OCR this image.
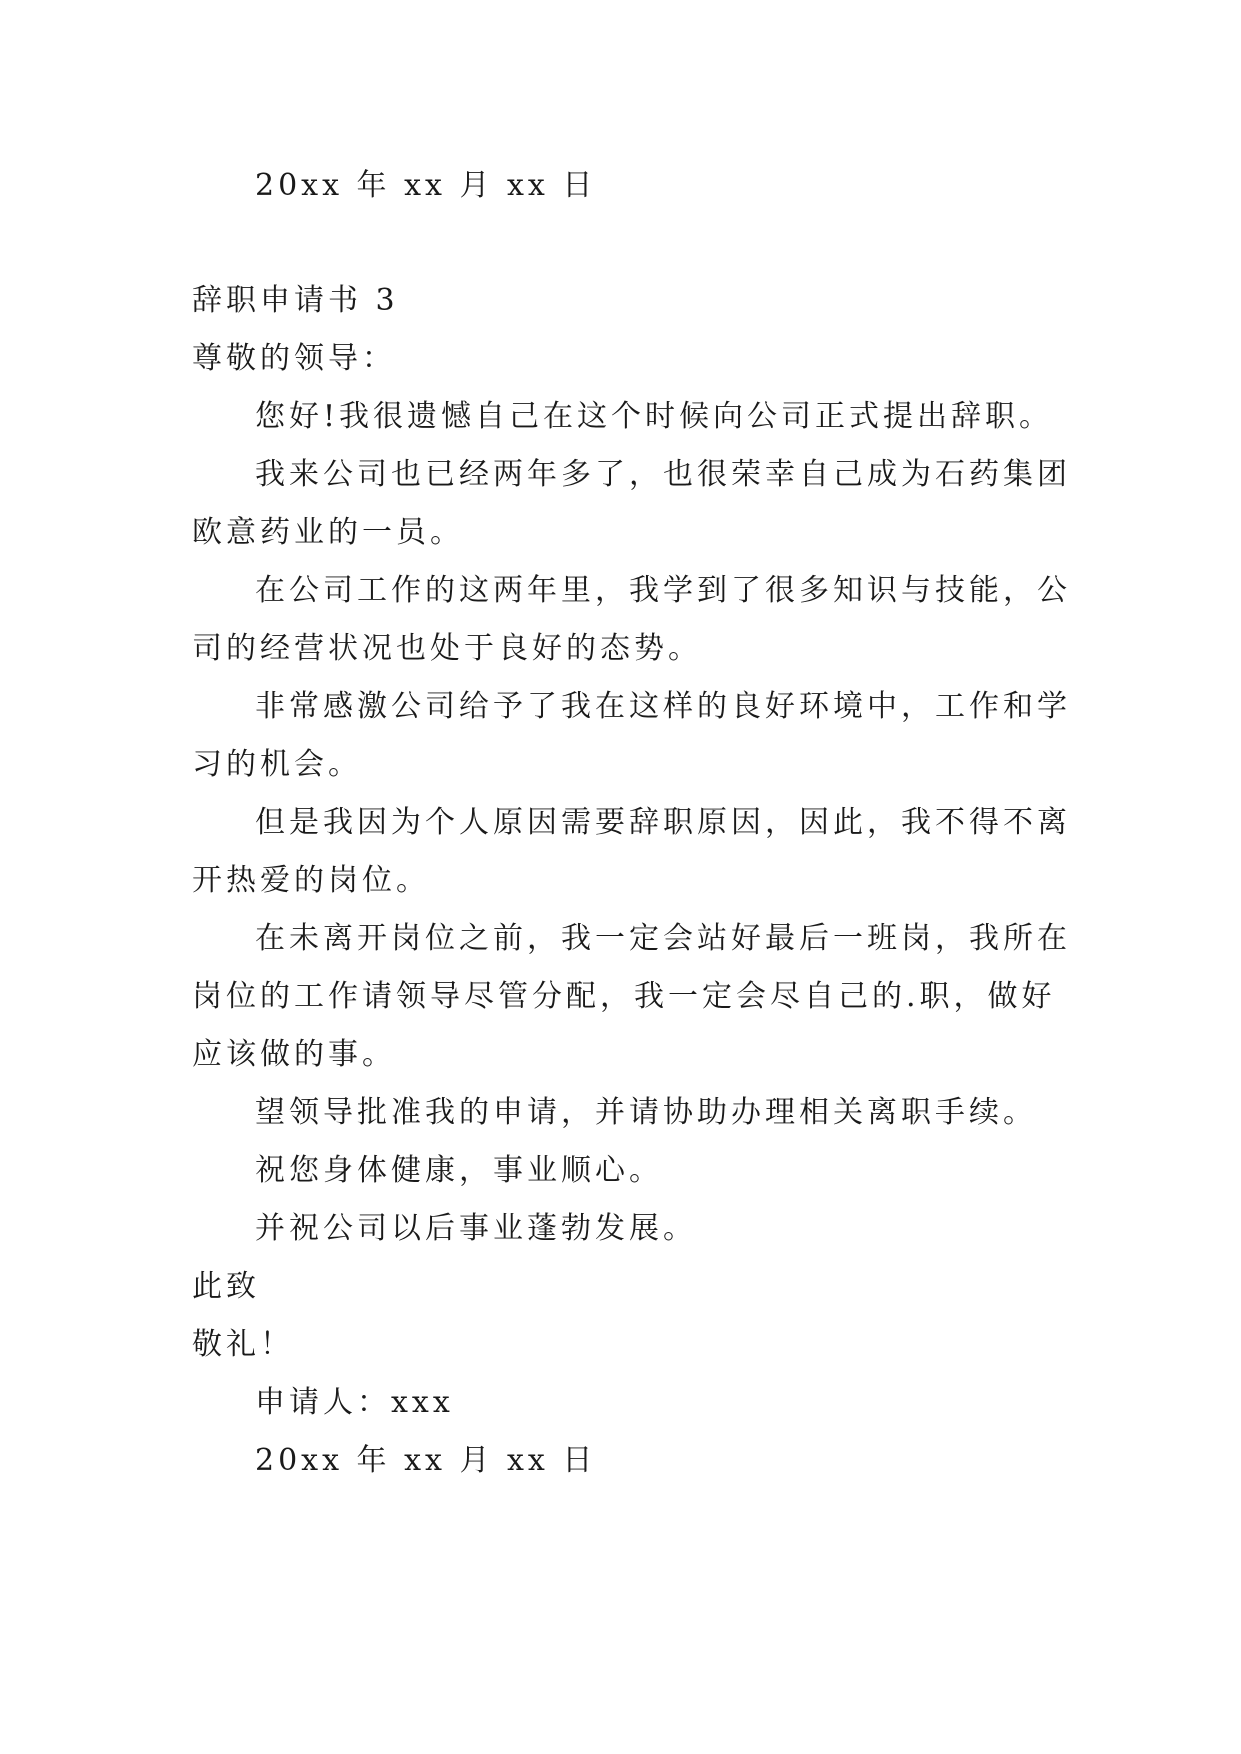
20xx 年 xx 月 xx 日
辞职申请书 3
尊敬的领导：
您好!我很遗憾自己在这个时候向公司正式提出辞职。
我来公司也已经两年多了，也很荣幸自己成为石药集团
欧意药业的一员。
在公司工作的这两年里，我学到了很多知识与技能，公
司的经营状况也处于良好的态势。
非常感激公司给予了我在这样的良好环境中，工作和学
习的机会。
但是我因为个人原因需要辞职原因，因此，我不得不离
开热爱的岗位。
在未离开岗位之前，我一定会站好最后一班岗，我所在
岗位的工作请领导尽管分配，我一定会尽自己的.职，做好
应该做的事。
望领导批准我的申请，并请协助办理相关离职手续。
祝您身体健康，事业顺心。
并祝公司以后事业蓬勃发展。
此致
敬礼！
申请人：xxx
20xx 年 xx 月 xx 日
